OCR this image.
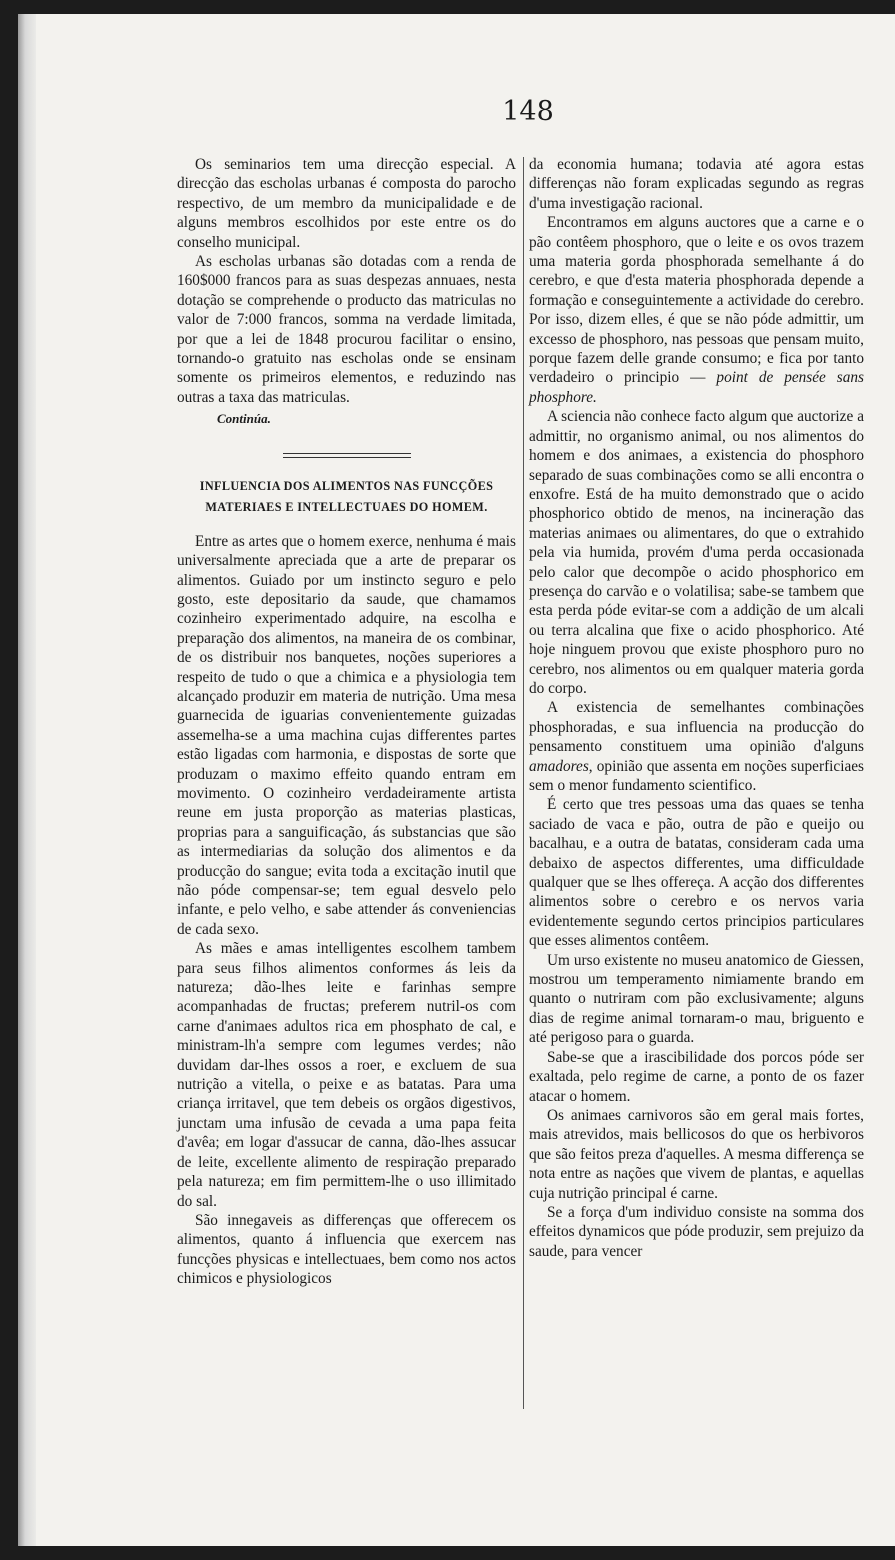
148

Os seminarios tem uma direcção especial. A direcção das escholas urbanas é composta do parocho respectivo, de um membro da municipalidade e de alguns membros escolhidos por este entre os do conselho municipal.

As escholas urbanas são dotadas com a renda de 160$000 francos para as suas despezas annuaes, nesta dotação se comprehende o producto das matriculas no valor de 7:000 francos, somma na verdade limitada, por que a lei de 1848 procurou facilitar o ensino, tornando-o gratuito nas escholas onde se ensinam somente os primeiros elementos, e reduzindo nas outras a taxa das matriculas.

Continúa.
INFLUENCIA DOS ALIMENTOS NAS FUNCÇÕES
MATERIAES E INTELLECTUAES DO HOMEM.

Entre as artes que o homem exerce, nenhuma é mais universalmente apreciada que a arte de preparar os alimentos. Guiado por um instincto seguro e pelo gosto, este depositario da saude, que chamamos cozinheiro experimentado adquire, na escolha e preparação dos alimentos, na maneira de os combinar, de os distribuir nos banquetes, noções superiores a respeito de tudo o que a chimica e a physiologia tem alcançado produzir em materia de nutrição. Uma mesa guarnecida de iguarias convenientemente guizadas assemelha-se a uma machina cujas differentes partes estão ligadas com harmonia, e dispostas de sorte que produzam o maximo effeito quando entram em movimento. O cozinheiro verdadeiramente artista reune em justa proporção as materias plasticas, proprias para a sanguificação, ás substancias que são as intermediarias da solução dos alimentos e da producção do sangue; evita toda a excitação inutil que não póde compensar-se; tem egual desvelo pelo infante, e pelo velho, e sabe attender ás conveniencias de cada sexo.

As mães e amas intelligentes escolhem tambem para seus filhos alimentos conformes ás leis da natureza; dão-lhes leite e farinhas sempre acompanhadas de fructas; preferem nutril-os com carne d'animaes adultos rica em phosphato de cal, e ministram-lh'a sempre com legumes verdes; não duvidam dar-lhes ossos a roer, e excluem de sua nutrição a vitella, o peixe e as batatas. Para uma criança irritavel, que tem debeis os orgãos digestivos, junctam uma infusão de cevada a uma papa feita d'avêa; em logar d'assucar de canna, dão-lhes assucar de leite, excellente alimento de respiração preparado pela natureza; em fim permittem-lhe o uso illimitado do sal.

São innegaveis as differenças que offerecem os alimentos, quanto á influencia que exercem nas funcções physicas e intellectuaes, bem como nos actos chimicos e physiologicos

da economia humana; todavia até agora estas differenças não foram explicadas segundo as regras d'uma investigação racional.

Encontramos em alguns auctores que a carne e o pão contêem phosphoro, que o leite e os ovos trazem uma materia gorda phosphorada semelhante á do cerebro, e que d'esta materia phosphorada depende a formação e conseguintemente a actividade do cerebro. Por isso, dizem elles, é que se não póde admittir, um excesso de phosphoro, nas pessoas que pensam muito, porque fazem delle grande consumo; e fica por tanto verdadeiro o principio — point de pensée sans phosphore.

A sciencia não conhece facto algum que auctorize a admittir, no organismo animal, ou nos alimentos do homem e dos animaes, a existencia do phosphoro separado de suas combinações como se alli encontra o enxofre. Está de ha muito demonstrado que o acido phosphorico obtido de menos, na incineração das materias animaes ou alimentares, do que o extrahido pela via humida, provém d'uma perda occasionada pelo calor que decompõe o acido phosphorico em presença do carvão e o volatilisa; sabe-se tambem que esta perda póde evitar-se com a addição de um alcali ou terra alcalina que fixe o acido phosphorico. Até hoje ninguem provou que existe phosphoro puro no cerebro, nos alimentos ou em qualquer materia gorda do corpo.

A existencia de semelhantes combinações phosphoradas, e sua influencia na producção do pensamento constituem uma opinião d'alguns amadores, opinião que assenta em noções superficiaes sem o menor fundamento scientifico.

É certo que tres pessoas uma das quaes se tenha saciado de vaca e pão, outra de pão e queijo ou bacalhau, e a outra de batatas, consideram cada uma debaixo de aspectos differentes, uma difficuldade qualquer que se lhes offereça. A acção dos differentes alimentos sobre o cerebro e os nervos varia evidentemente segundo certos principios particulares que esses alimentos contêem.

Um urso existente no museu anatomico de Giessen, mostrou um temperamento nimiamente brando em quanto o nutriram com pão exclusivamente; alguns dias de regime animal tornaram-o mau, briguento e até perigoso para o guarda.

Sabe-se que a irascibilidade dos porcos póde ser exaltada, pelo regime de carne, a ponto de os fazer atacar o homem.

Os animaes carnivoros são em geral mais fortes, mais atrevidos, mais bellicosos do que os herbivoros que são feitos preza d'aquelles. A mesma differença se nota entre as nações que vivem de plantas, e aquellas cuja nutrição principal é carne.

Se a força d'um individuo consiste na somma dos effeitos dynamicos que póde produzir, sem prejuizo da saude, para vencer
